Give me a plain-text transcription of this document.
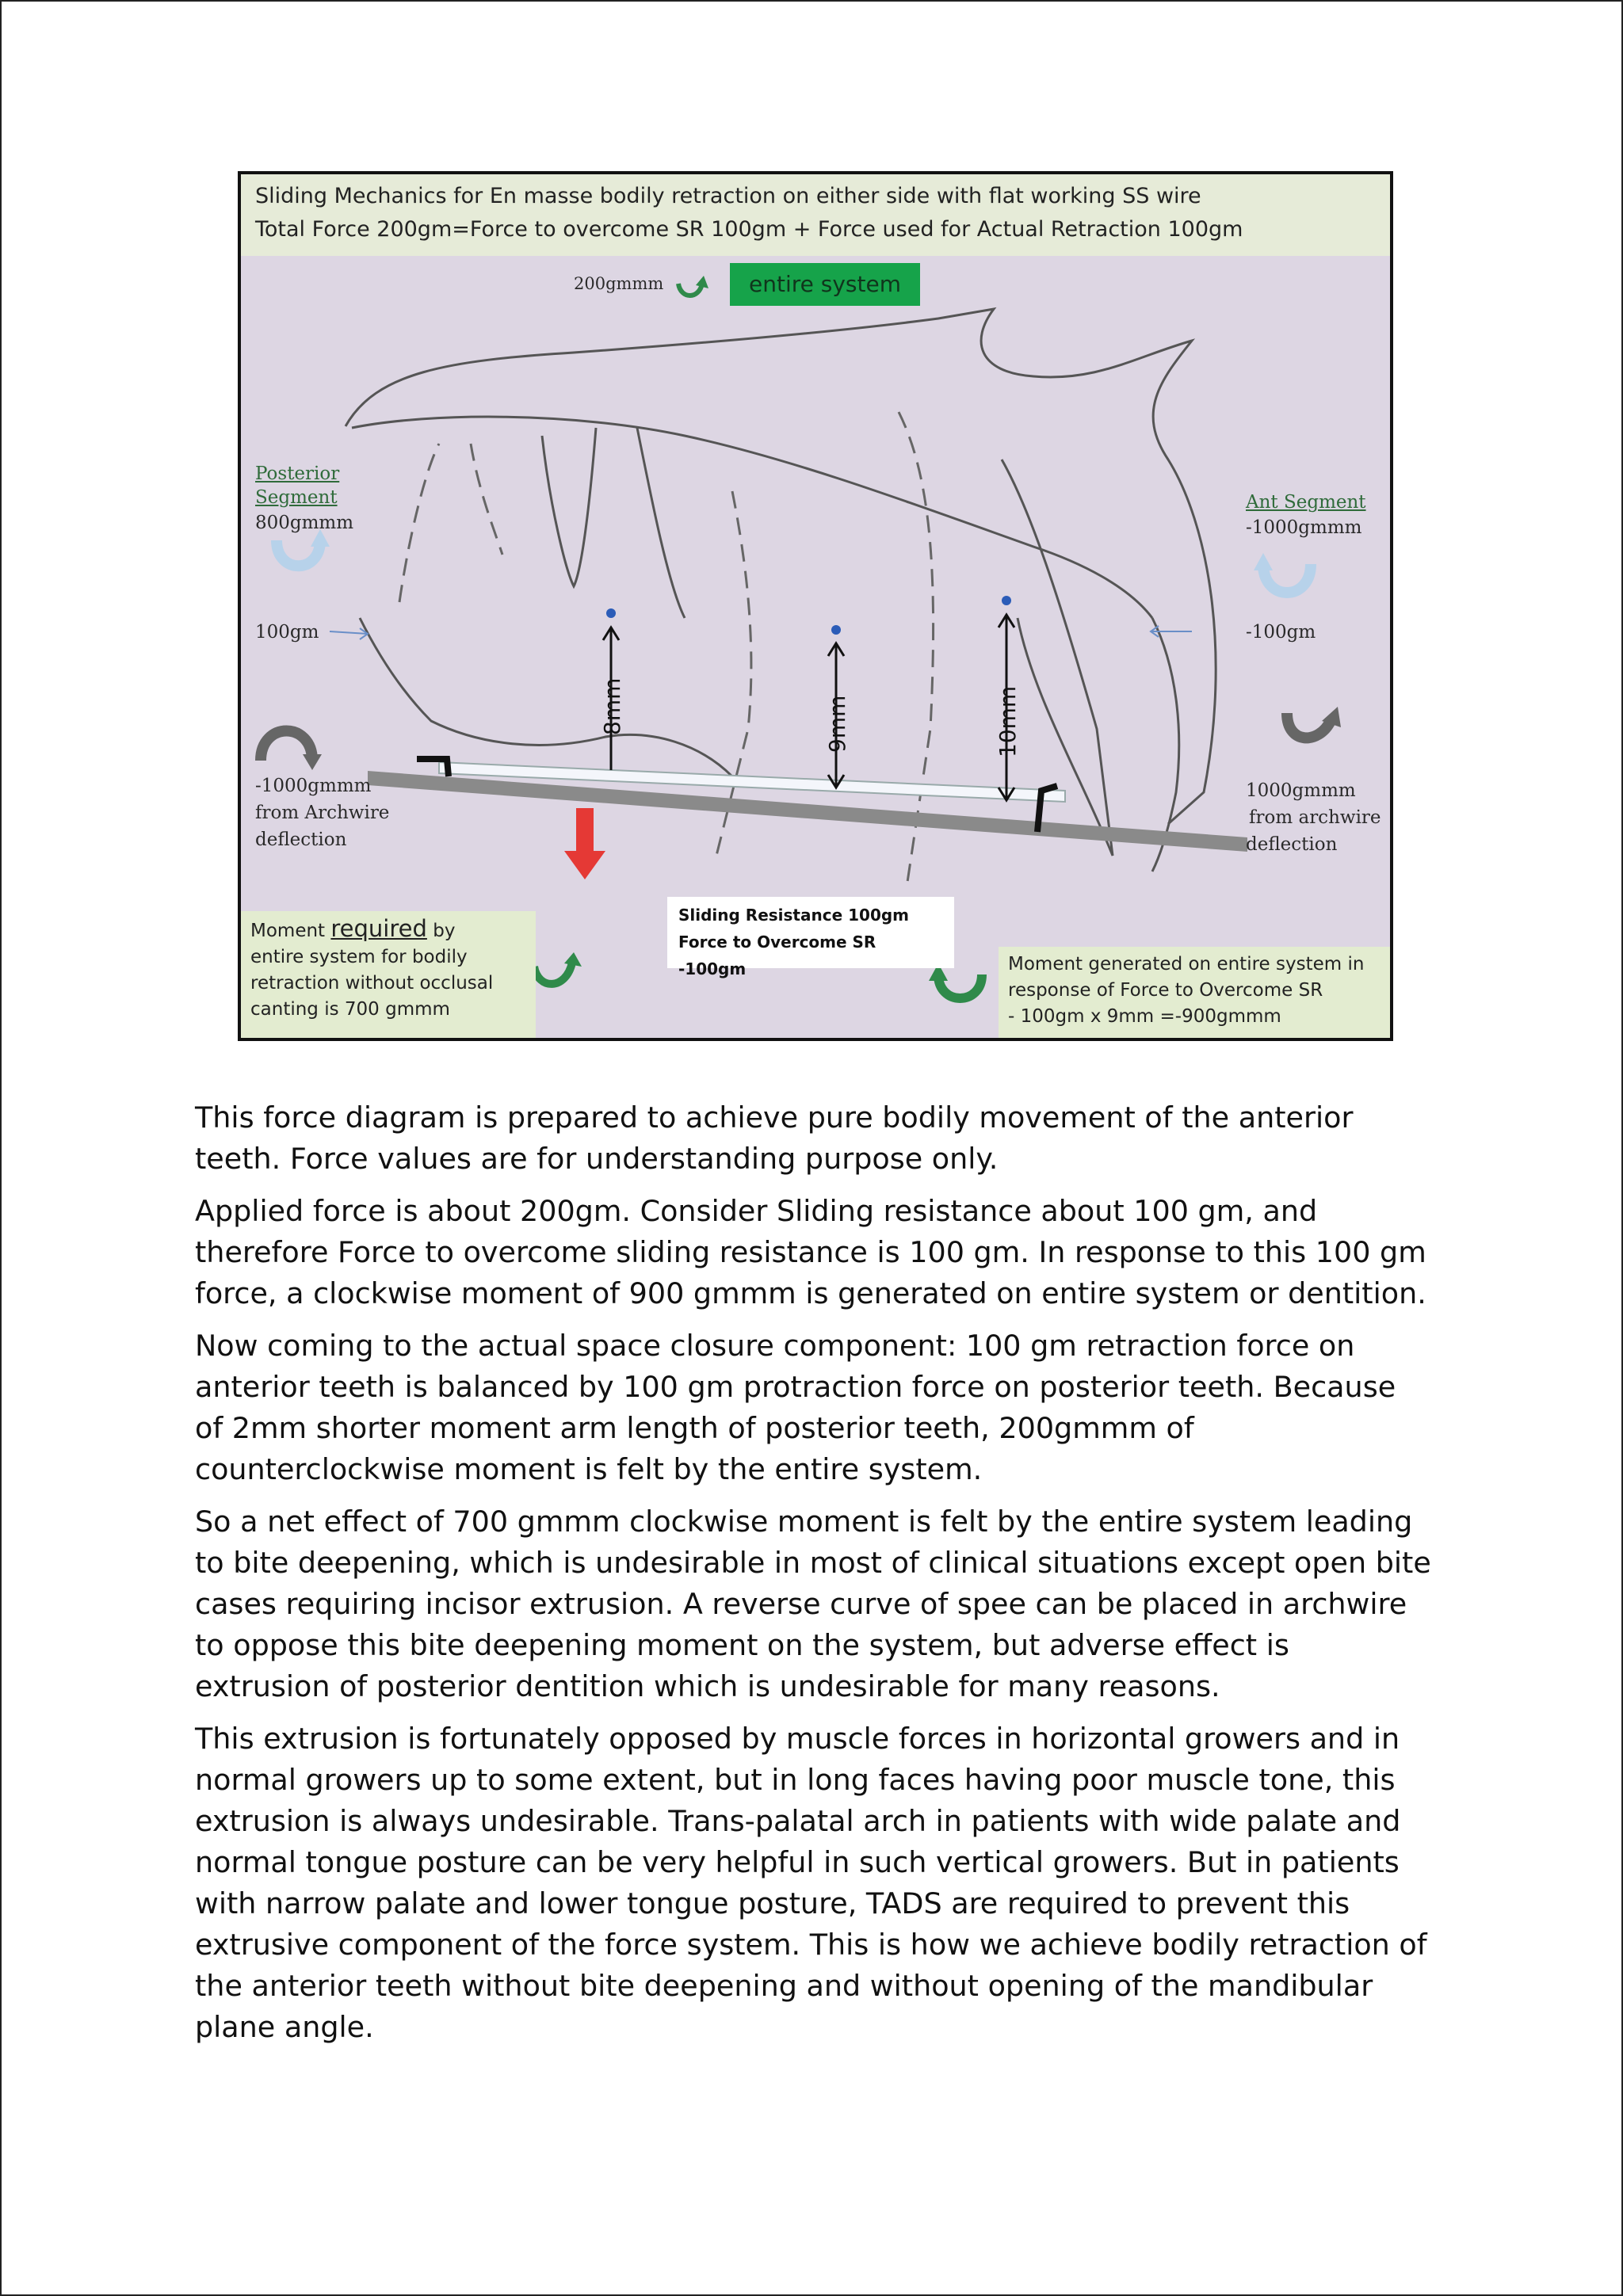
Sliding Mechanics for En masse bodily retraction on either side with flat working SS wire
Total Force 200gm=Force to overcome SR 100gm + Force used for Actual Retraction 100gm
200gmmm	entire system
Posterior
Segment
800gmmm
100gm
-1000gmmm
from Archwire
deflection
Ant Segment
-1000gmmm
-100gm
1000gmmm
from archwire
deflection
8mm	9mm	10mm
Sliding Resistance 100gm
Force to Overcome SR -100gm
Moment required by
entire system for bodily
retraction without occlusal
canting is 700 gmmm
Moment generated on entire system in
response of Force to Overcome SR
- 100gm x 9mm =-900gmmm

This force diagram is prepared to achieve pure bodily movement of the anterior teeth. Force values are for understanding purpose only.

Applied force is about 200gm. Consider Sliding resistance about 100 gm, and therefore Force to overcome sliding resistance is 100 gm. In response to this 100 gm force, a clockwise moment of 900 gmmm is generated on entire system or dentition.

Now coming to the actual space closure component: 100 gm retraction force on anterior teeth is balanced by 100 gm protraction force on posterior teeth. Because of 2mm shorter moment arm length of posterior teeth, 200gmmm of counterclockwise moment is felt by the entire system.

So a net effect of 700 gmmm clockwise moment is felt by the entire system leading to bite deepening, which is undesirable in most of clinical situations except open bite cases requiring incisor extrusion. A reverse curve of spee can be placed in archwire to oppose this bite deepening moment on the system, but adverse effect is extrusion of posterior dentition which is undesirable for many reasons.

This extrusion is fortunately opposed by muscle forces in horizontal growers and in normal growers up to some extent, but in long faces having poor muscle tone, this extrusion is always undesirable. Trans-palatal arch in patients with wide palate and normal tongue posture can be very helpful in such vertical growers. But in patients with narrow palate and lower tongue posture, TADS are required to prevent this extrusive component of the force system. This is how we achieve bodily retraction of the anterior teeth without bite deepening and without opening of the mandibular plane angle.
